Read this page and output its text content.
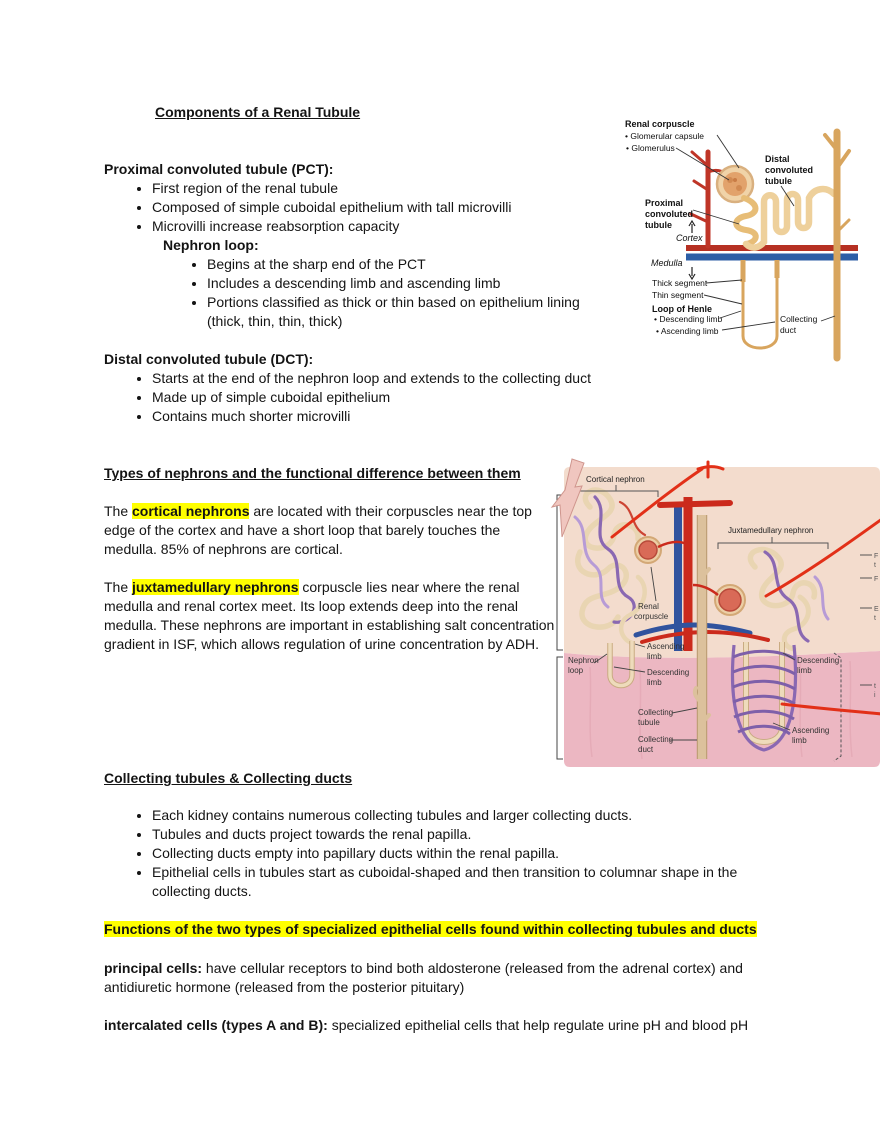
Components of a Renal Tubule
Proximal convoluted tubule (PCT):
• First region of the renal tubule
• Composed of simple cuboidal epithelium with tall microvilli
• Microvilli increase reabsorption capacity
Nephron loop:
• Begins at the sharp end of the PCT
• Includes a descending limb and ascending limb
• Portions classified as thick or thin based on epithelium lining
(thick, thin, thin, thick)
Distal convoluted tubule (DCT):
• Starts at the end of the nephron loop and extends to the collecting duct
• Made up of simple cuboidal epithelium
• Contains much shorter microvilli
Types of nephrons and the functional difference between them
The cortical nephrons are located with their corpuscles near the top edge of the cortex and have a short loop that barely touches the medulla. 85% of nephrons are cortical.
The juxtamedullary nephrons corpuscle lies near where the renal medulla and renal cortex meet. Its loop extends deep into the renal medulla. These nephrons are important in establishing salt concentration gradient in ISF, which allows regulation of urine concentration by ADH.
Collecting tubules & Collecting ducts
• Each kidney contains numerous collecting tubules and larger collecting ducts.
• Tubules and ducts project towards the renal papilla.
• Collecting ducts empty into papillary ducts within the renal papilla.
• Epithelial cells in tubules start as cuboidal-shaped and then transition to columnar shape in the
collecting ducts.
Functions of the two types of specialized epithelial cells found within collecting tubules and ducts
principal cells: have cellular receptors to bind both aldosterone (released from the adrenal cortex) and antidiuretic hormone (released from the posterior pituitary)
intercalated cells (types A and B): specialized epithelial cells that help regulate urine pH and blood pH
Renal corpuscle
• Glomerular capsule
• Glomerulus
Distal
convoluted
tubule
Proximal
convoluted
tubule
Cortex
Medulla
Thick segment
Thin segment
Loop of Henle
• Descending limb
• Ascending limb
Collecting
duct
Cortical nephron
Juxtamedullary nephron
Renal
corpuscle
Nephron
loop
Ascending
limb
Descending
limb
Collecting
tubule
Collecting
duct
Descending
limb
Ascending
limb
F
t
F
E
t
t
i
